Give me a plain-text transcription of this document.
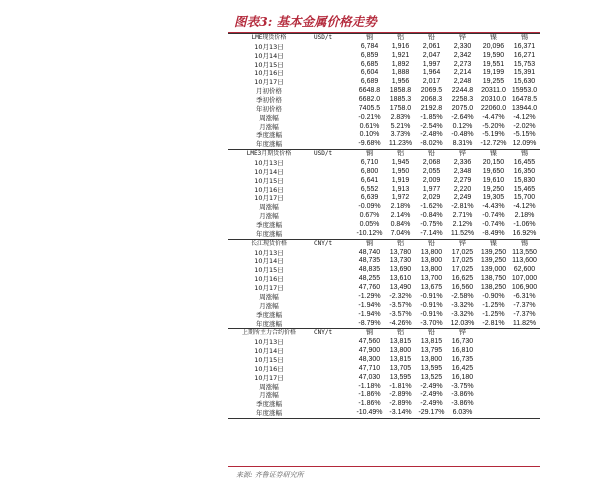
图表3: 基本金属价格走势
LME现货价格	USD/t	铜	铝	铅	锌	镍	锡
10月13日		6,784	1,916	2,061	2,330	20,096	16,371
10月14日		6,859	1,921	2,047	2,342	19,590	16,271
10月15日		6,685	1,892	1,997	2,273	19,551	15,753
10月16日		6,604	1,888	1,964	2,214	19,199	15,391
10月17日		6,689	1,956	2,017	2,248	19,255	15,630
月初价格		6648.8	1858.8	2069.5	2244.8	20311.0	15953.0
季初价格		6682.0	1885.3	2068.3	2258.3	20310.0	16478.5
年初价格		7405.5	1758.0	2192.8	2075.0	22060.0	13944.0
周涨幅		-0.21%	2.83%	-1.85%	-2.64%	-4.47%	-4.12%
月涨幅		0.61%	5.21%	-2.54%	0.12%	-5.20%	-2.02%
季度涨幅		0.10%	3.73%	-2.48%	-0.48%	-5.19%	-5.15%
年度涨幅		-9.68%	11.23%	-8.02%	8.31%	-12.72%	12.09%
LME3月期货价格	USD/t	铜	铝	铅	锌	镍	锡
10月13日		6,710	1,945	2,068	2,336	20,150	16,455
10月14日		6,800	1,950	2,055	2,348	19,650	16,350
10月15日		6,641	1,919	2,009	2,279	19,610	15,830
10月16日		6,552	1,913	1,977	2,220	19,250	15,465
10月17日		6,639	1,972	2,029	2,249	19,305	15,700
周涨幅		-0.09%	2.18%	-1.62%	-2.81%	-4.43%	-4.12%
月涨幅		0.67%	2.14%	-0.84%	2.71%	-0.74%	2.18%
季度涨幅		0.05%	0.84%	-0.75%	2.12%	-0.74%	-1.06%
年度涨幅		-10.12%	7.04%	-7.14%	11.52%	-8.49%	16.92%
长江现货价格	CNY/t	铜	铝	铅	锌	镍	锡
10月13日		48,740	13,780	13,800	17,025	139,250	113,550
10月14日		48,735	13,730	13,800	17,025	139,250	113,600
10月15日		48,835	13,690	13,800	17,025	139,000	62,600
10月16日		48,255	13,610	13,700	16,625	138,750	107,000
10月17日		47,760	13,490	13,675	16,560	138,250	106,900
周涨幅		-1.29%	-2.32%	-0.91%	-2.58%	-0.90%	-6.31%
月涨幅		-1.94%	-3.57%	-0.91%	-3.32%	-1.25%	-7.37%
季度涨幅		-1.94%	-3.57%	-0.91%	-3.32%	-1.25%	-7.37%
年度涨幅		-8.79%	-4.26%	-3.70%	12.03%	-2.81%	11.82%
上期所主力合约价格	CNY/t	铜	铝	铅	锌		
10月13日		47,560	13,815	13,815	16,730		
10月14日		47,900	13,800	13,795	16,810		
10月15日		48,300	13,815	13,800	16,735		
10月16日		47,710	13,705	13,595	16,425		
10月17日		47,030	13,595	13,525	16,180		
周涨幅		-1.18%	-1.81%	-2.49%	-3.75%		
月涨幅		-1.86%	-2.89%	-2.49%	-3.86%		
季度涨幅		-1.86%	-2.89%	-2.49%	-3.86%		
年度涨幅		-10.49%	-3.14%	-29.17%	6.03%		
来源: 齐鲁证券研究所
